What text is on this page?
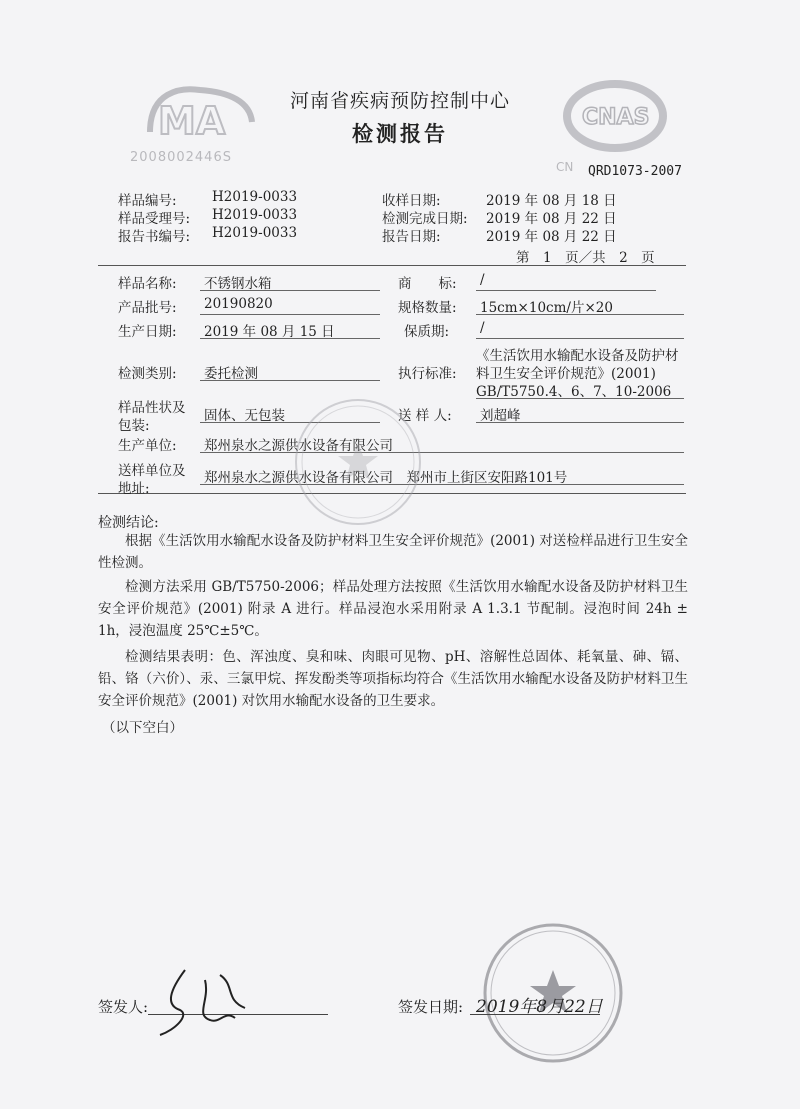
MA
2008002446S
CNAS
CN
河南省疾病预防控制中心
检测报告
QRD1073-2007
样品编号:	H2019-0033
样品受理号: H2019-0033
报告书编号: H2019-0033
收样日期:	2019 年 08 月 18 日
检测完成日期: 2019 年 08 月 22 日
报告日期:	2019 年 08 月 22 日
第　1　页／共　2　页
样品名称: 不锈钢水箱	商　　标: /
产品批号: 20190820	规格数量: 15cm×10cm/片×20
生产日期: 2019 年 08 月 15 日	保质期: /
检测类别: 委托检测	执行标准:
《生活饮用水输配水设备及防护材
料卫生安全评价规范》(2001)
GB/T5750.4、6、7、10-2006
样品性状及
包装:
固体、无包装	送 样 人: 刘超峰
生产单位: 郑州泉水之源供水设备有限公司
送样单位及
地址:
郑州泉水之源供水设备有限公司　郑州市上街区安阳路101号
检测结论:
根据《生活饮用水输配水设备及防护材料卫生安全评价规范》(2001) 对送检样品进行卫生安全性检测。
检测方法采用 GB/T5750-2006；样品处理方法按照《生活饮用水输配水设备及防护材料卫生安全评价规范》(2001) 附录 A 进行。样品浸泡水采用附录 A 1.3.1 节配制。浸泡时间 24h ± 1h，浸泡温度 25℃±5℃。
检测结果表明：色、浑浊度、臭和味、肉眼可见物、pH、溶解性总固体、耗氧量、砷、镉、铅、铬（六价）、汞、三氯甲烷、挥发酚类等项指标均符合《生活饮用水输配水设备及防护材料卫生安全评价规范》(2001) 对饮用水输配水设备的卫生要求。
（以下空白）
签发人:	签发日期: 2019年8月22日
